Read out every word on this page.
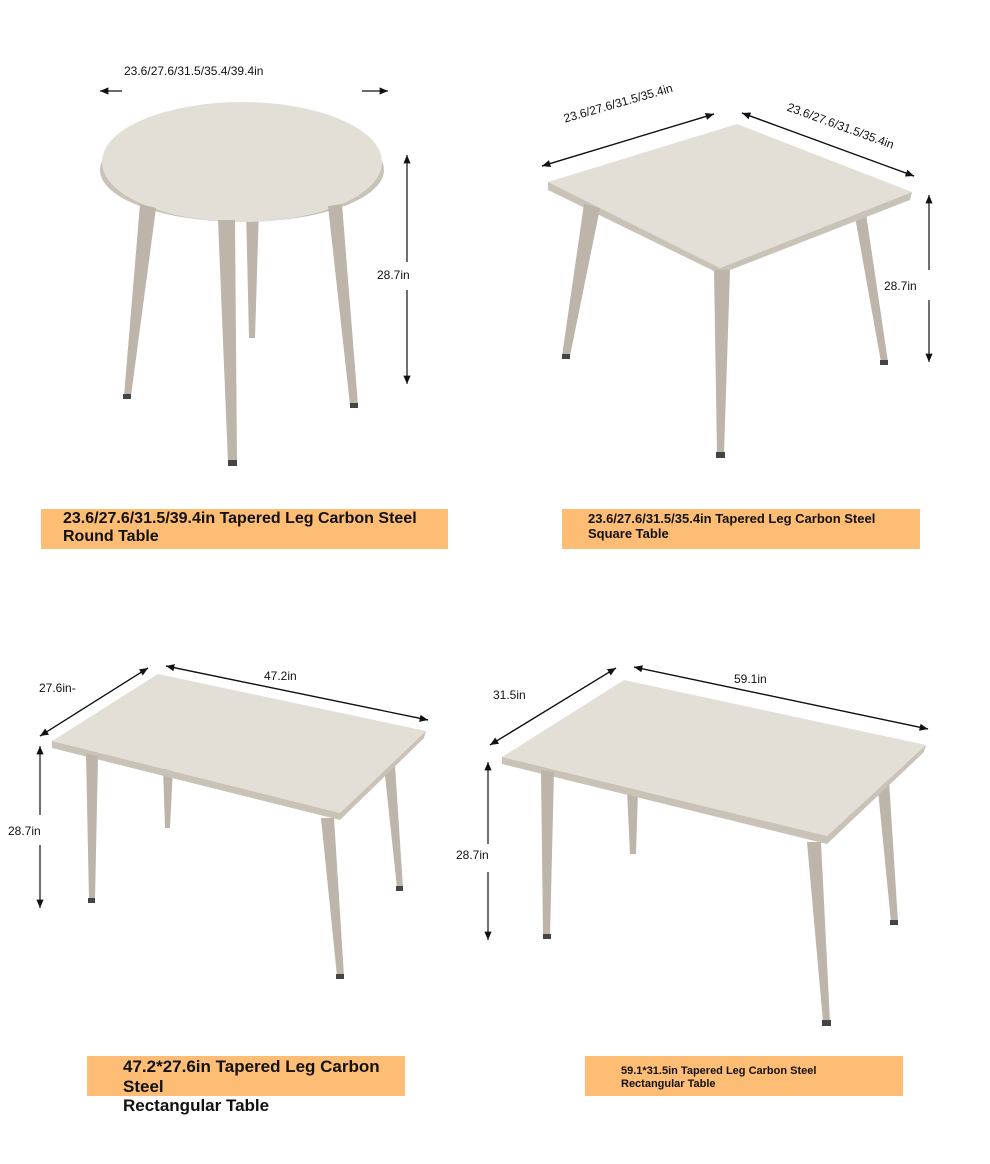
23.6/27.6/31.5/35.4/39.4in
28.7in
23.6/27.6/31.5/39.4in Tapered Leg Carbon Steel
Round Table
23.6/27.6/31.5/35.4in	23.6/27.6/31.5/35.4in
28.7in
23.6/27.6/31.5/35.4in Tapered Leg Carbon Steel
Square Table
47.2in
27.6in-
28.7in
47.2*27.6in Tapered Leg Carbon Steel
Rectangular Table
59.1in
31.5in
28.7in
59.1*31.5in Tapered Leg Carbon Steel
Rectangular Table
